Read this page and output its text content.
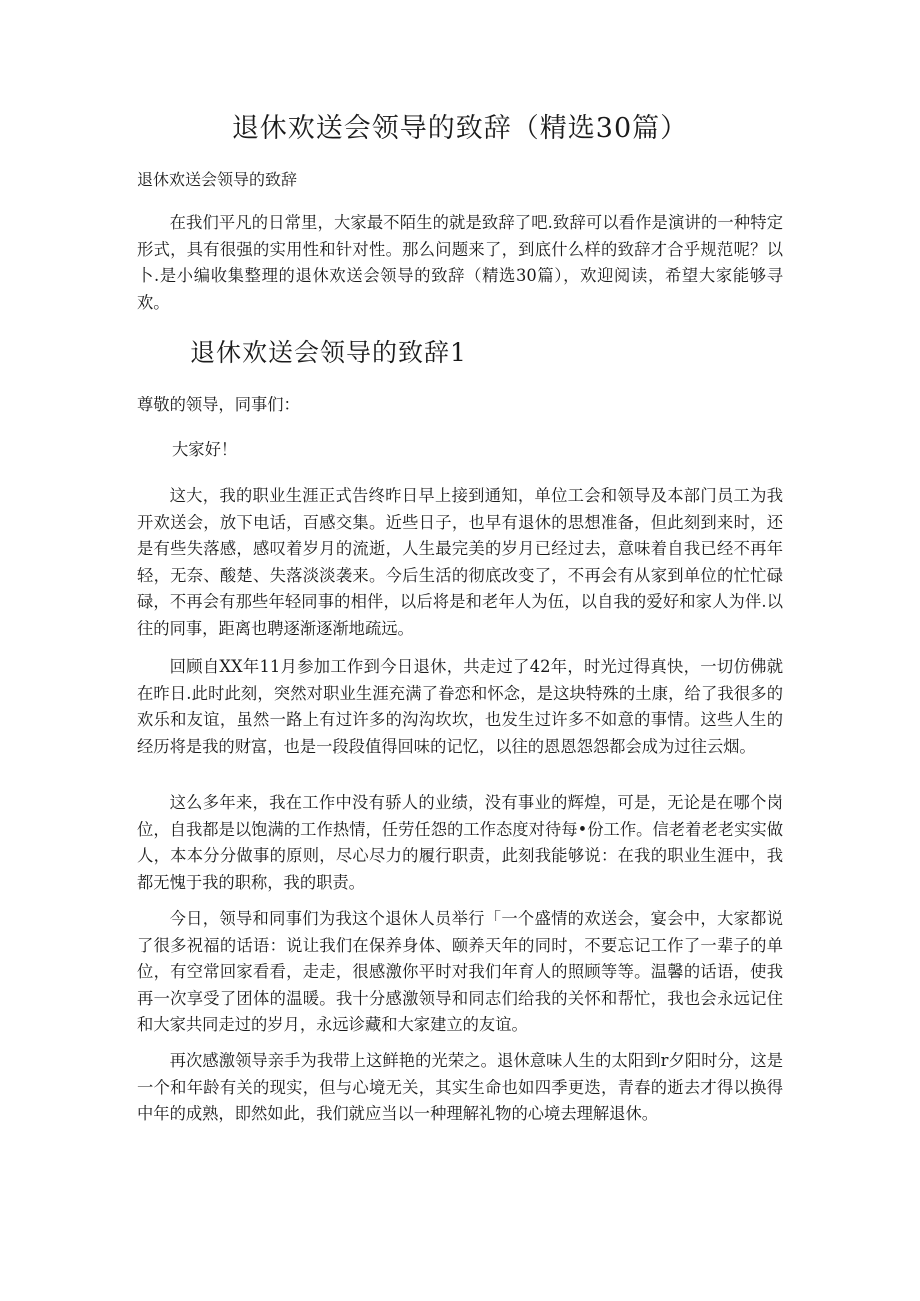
退休欢送会领导的致辞（精选30篇）
退休欢送会领导的致辞

在我们平凡的日常里，大家最不陌生的就是致辞了吧.致辞可以看作是演讲的一种特定形式，具有很强的实用性和针对性。那么问题来了，到底什么样的致辞才合乎规范呢？以卜.是小编收集整理的退休欢送会领导的致辞（精选30篇），欢迎阅读，希望大家能够寻欢。

退休欢送会领导的致辞1
尊敬的领导，同事们：
大家好！

这大，我的职业生涯正式告终昨日早上接到通知，单位工会和领导及本部门员工为我开欢送会，放下电话，百感交集。近些日子，也早有退休的思想准备，但此刻到来时，还是有些失落感，感叹着岁月的流逝，人生最完美的岁月已经过去，意味着自我已经不再年轻，无奈、酸楚、失落淡淡袭来。今后生活的彻底改变了，不再会有从家到单位的忙忙碌碌，不再会有那些年轻同事的相伴，以后将是和老年人为伍，以自我的爱好和家人为伴.以往的同事，距离也聘逐渐逐渐地疏远。

回顾自XX年11月参加工作到今日退休，共走过了42年，时光过得真快，一切仿佛就在昨日.此时此刻，突然对职业生涯充满了眷恋和怀念，是这块特殊的土康，给了我很多的欢乐和友谊，虽然一路上有过许多的沟沟坎坎，也发生过许多不如意的事情。这些人生的经历将是我的财富，也是一段段值得回味的记忆，以往的恩恩怨怨都会成为过往云烟。

这么多年来，我在工作中没有骄人的业绩，没有事业的辉煌，可是，无论是在哪个岗位，自我都是以饱满的工作热情，任劳任怨的工作态度对待每•份工作。信老着老老实实做人，本本分分做事的原则，尽心尽力的履行职责，此刻我能够说：在我的职业生涯中，我都无愧于我的职称，我的职责。

今日，领导和同事们为我这个退休人员举行「一个盛情的欢送会，宴会中，大家都说了很多祝福的话语：说让我们在保养身体、颐养天年的同时，不要忘记工作了一辈子的单位，有空常回家看看，走走，很感激你平时对我们年育人的照顾等等。温馨的话语，使我再一次享受了团体的温暖。我十分感激领导和同志们给我的关怀和帮忙，我也会永远记住和大家共同走过的岁月，永远诊藏和大家建立的友谊。

再次感激领导亲手为我带上这鲜艳的光荣之。退休意味人生的太阳到r夕阳时分，这是一个和年龄有关的现实，但与心境无关，其实生命也如四季更迭，青春的逝去才得以换得中年的成熟，即然如此，我们就应当以一种理解礼物的心境去理解退休。
